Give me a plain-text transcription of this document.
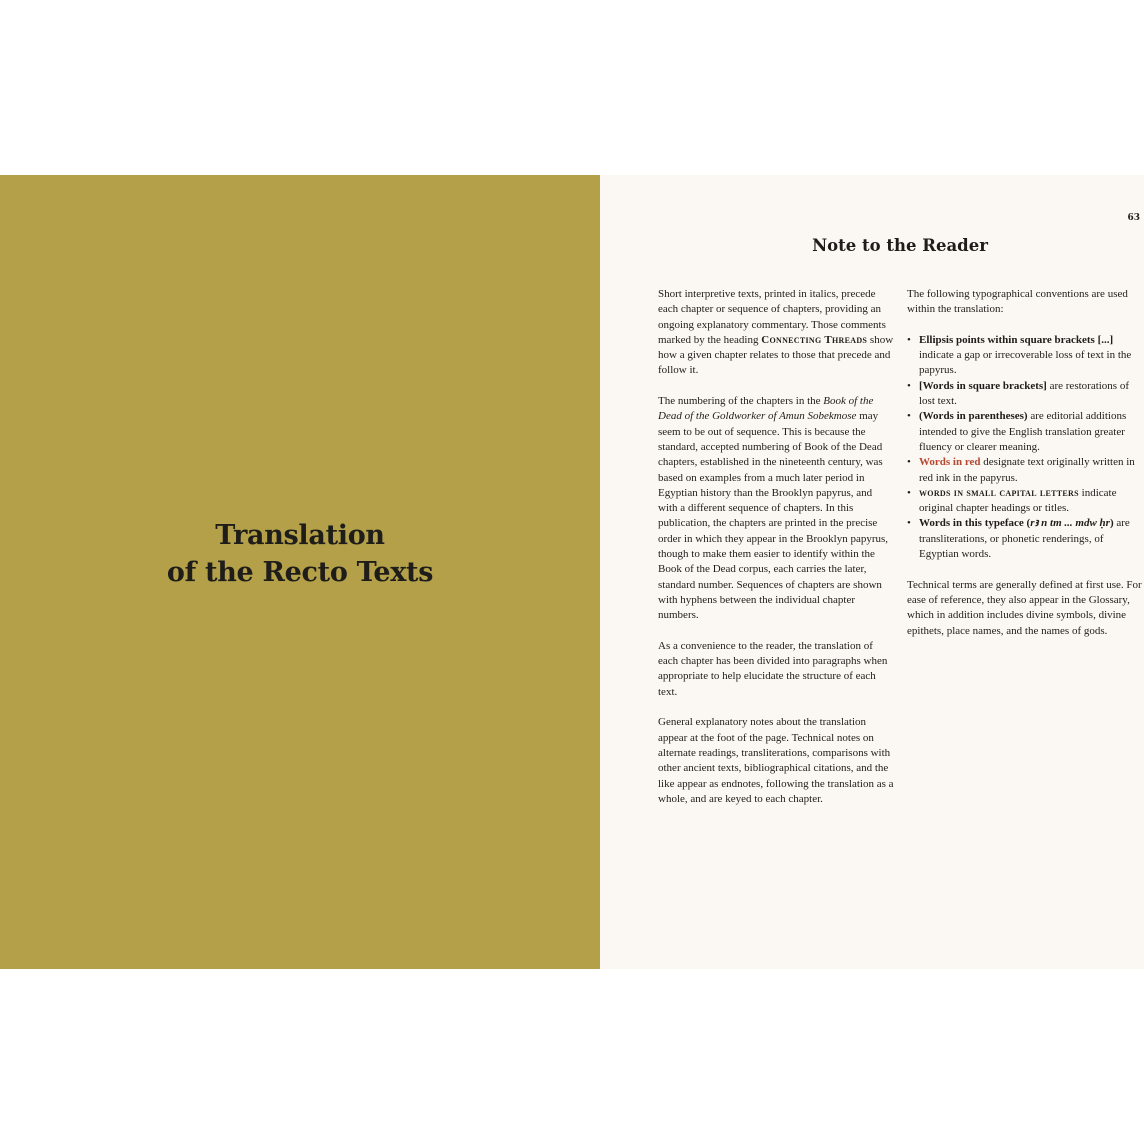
Translation
of the Recto Texts
63
Note to the Reader

Short interpretive texts, printed in italics, precede each chapter or sequence of chapters, providing an ongoing explanatory commentary. Those comments marked by the heading Connecting Threads show how a given chapter relates to those that precede and follow it.

The numbering of the chapters in the Book of the Dead of the Goldworker of Amun Sobekmose may seem to be out of sequence. This is because the standard, accepted numbering of Book of the Dead chapters, established in the nineteenth century, was based on examples from a much later period in Egyptian history than the Brooklyn papyrus, and with a different sequence of chapters. In this publication, the chapters are printed in the precise order in which they appear in the Brooklyn papyrus, though to make them easier to identify within the Book of the Dead corpus, each carries the later, standard number. Sequences of chapters are shown with hyphens between the individual chapter numbers.

As a convenience to the reader, the translation of each chapter has been divided into paragraphs when appropriate to help elucidate the structure of each text.

General explanatory notes about the translation appear at the foot of the page. Technical notes on alternate readings, transliterations, comparisons with other ancient texts, bibliographical citations, and the like appear as endnotes, following the translation as a whole, and are keyed to each chapter.

The following typographical conventions are used within the translation:

• Ellipsis points within square brackets [...] indicate a gap or irrecoverable loss of text in the papyrus.
• [Words in square brackets] are restorations of lost text.
• (Words in parentheses) are editorial additions intended to give the English translation greater fluency or clearer meaning.
• Words in red designate text originally written in red ink in the papyrus.
• words in small capital letters indicate original chapter headings or titles.
• Words in this typeface (rꜣ n tm ... mdw ḥr) are transliterations, or phonetic renderings, of Egyptian words.

Technical terms are generally defined at first use. For ease of reference, they also appear in the Glossary, which in addition includes divine symbols, divine epithets, place names, and the names of gods.
